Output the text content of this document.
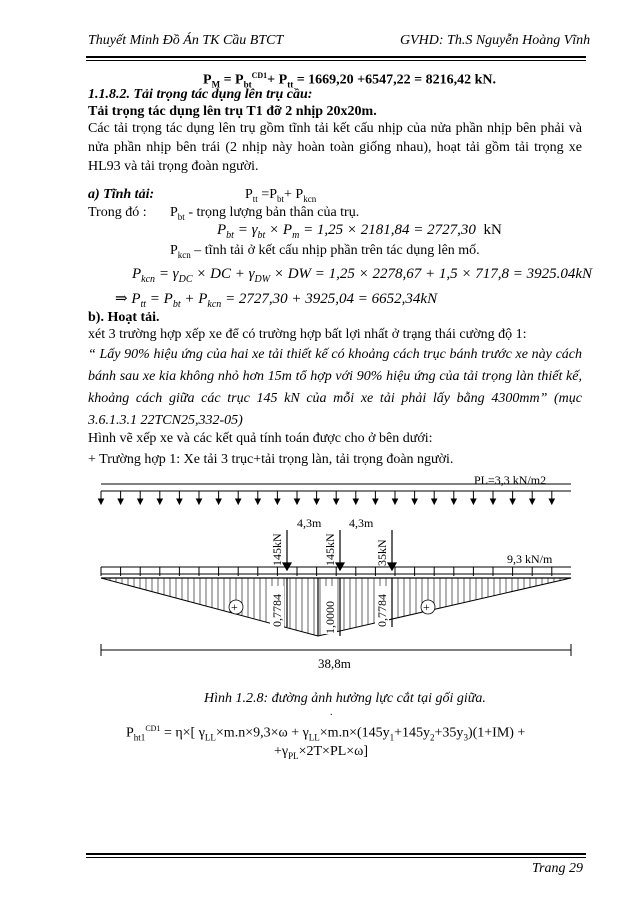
Thuyết Minh Đồ Án TK Cầu BTCT	GVHD: Th.S Nguyễn Hoàng Vĩnh
$P_M = P_{bt}^{CD1}+ P_{tt} = 1669,20 +6547,22 = 8216,42$ kN.
1.1.8.2. Tải trọng tác dụng lên trụ cầu:
Tải trọng tác dụng lên trụ T1 đỡ 2 nhịp 20x20m.
Các tải trọng tác dụng lên trụ gồm tĩnh tải kết cấu nhịp của nửa phần nhịp bên phải và nửa phần nhịp bên trái (2 nhịp này hoàn toàn giống nhau), hoạt tải gồm tải trọng xe HL93 và tải trọng đoàn người.
a) Tĩnh tải:	$P_{tt} =P_{bt}+ P_{kcn}$
Trong đó : $P_{bt}$ - trọng lượng bản thân của trụ.
$P_{bt} = \gamma_{bt} \times P_m = 1,25 \times 2181,84 = 2727,30$  kN
$P_{kcn}$ – tĩnh tải ở kết cấu nhịp phần trên tác dụng lên mố.
$P_{kcn} = \gamma_{DC}$ × DC + $\gamma_{DW}$ × DW = 1,25 × 2278,67 + 1,5 × 717,8 = 3925.04kN
⇒ $P_{tt} = P_{bt} + P_{kcn} = 2727,30 + 3925,04 = 6652,34kN$
b). Hoạt tải.
xét 3 trường hợp xếp xe để có trường hợp bất lợi nhất ở trạng thái cường độ 1:
“ Lấy 90% hiệu ứng của hai xe tải thiết kế có khoảng cách trục bánh trước xe này cách bánh sau xe kia không nhỏ hơn 15m tổ hợp với 90% hiệu ứng của tải trọng làn thiết kế, khoảng cách giữa các trục 145 kN của mỗi xe tải phải lấy bằng 4300mm” (mục 3.6.1.3.1 22TCN25,332-05)
Hình vẽ xếp xe và các kết quả tính toán được cho ở bên dưới:
+ Trường hợp 1: Xe tải 3 trục+tải trọng làn, tải trọng đoàn người.
PL=3,3 kN/m2
4,3m 4,3m
145kN	145kN	35kN	9,3 kN/m
0,7784	1,0000	0,7784
+	+
38,8m
Hình 1.2.8: đường ảnh hưởng lực cắt tại gối giữa.
.
$P_{ht1}^{CD1} = \eta\times$[ $\gamma_{LL}\times m.n\times 9,3\times\omega + \gamma_{LL}\times m.n\times(145y_1+145y_2+35y_3)(1+IM)$ +
$+\gamma_{PL}\times 2T\times PL\times\omega$]
Trang 29
